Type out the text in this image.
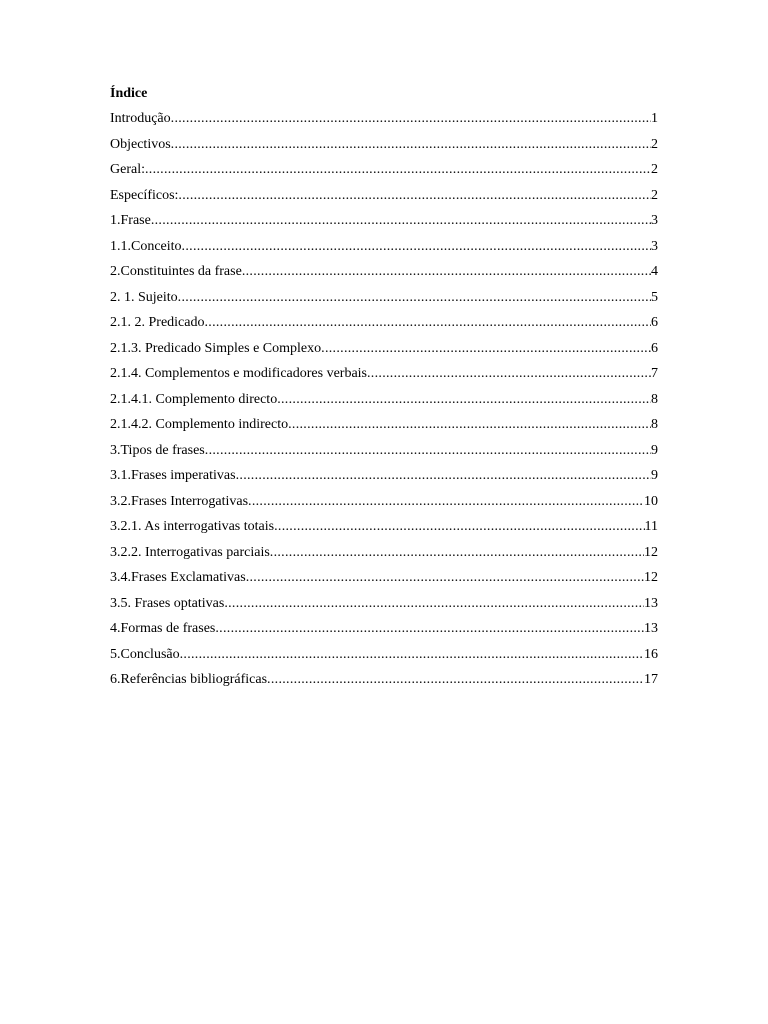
Índice
Introdução .....	1
Objectivos .....	2
Geral: .....	2
Específicos: .....	2
1.Frase .....	3
1.1.Conceito .....	3
2.Constituintes da frase .....	4
2. 1. Sujeito .....	5
2.1. 2. Predicado .....	6
2.1.3. Predicado Simples e Complexo .....	6
2.1.4. Complementos e modificadores verbais .....	7
2.1.4.1. Complemento directo .....	8
2.1.4.2. Complemento indirecto .....	8
3.Tipos de frases .....	9
3.1.Frases imperativas .....	9
3.2.Frases Interrogativas .....	10
3.2.1. As interrogativas totais .....	11
3.2.2. Interrogativas parciais .....	12
3.4.Frases Exclamativas .....	12
3.5. Frases optativas .....	13
4.Formas de frases .....	13
5.Conclusão .....	16
6.Referências bibliográficas .....	17
